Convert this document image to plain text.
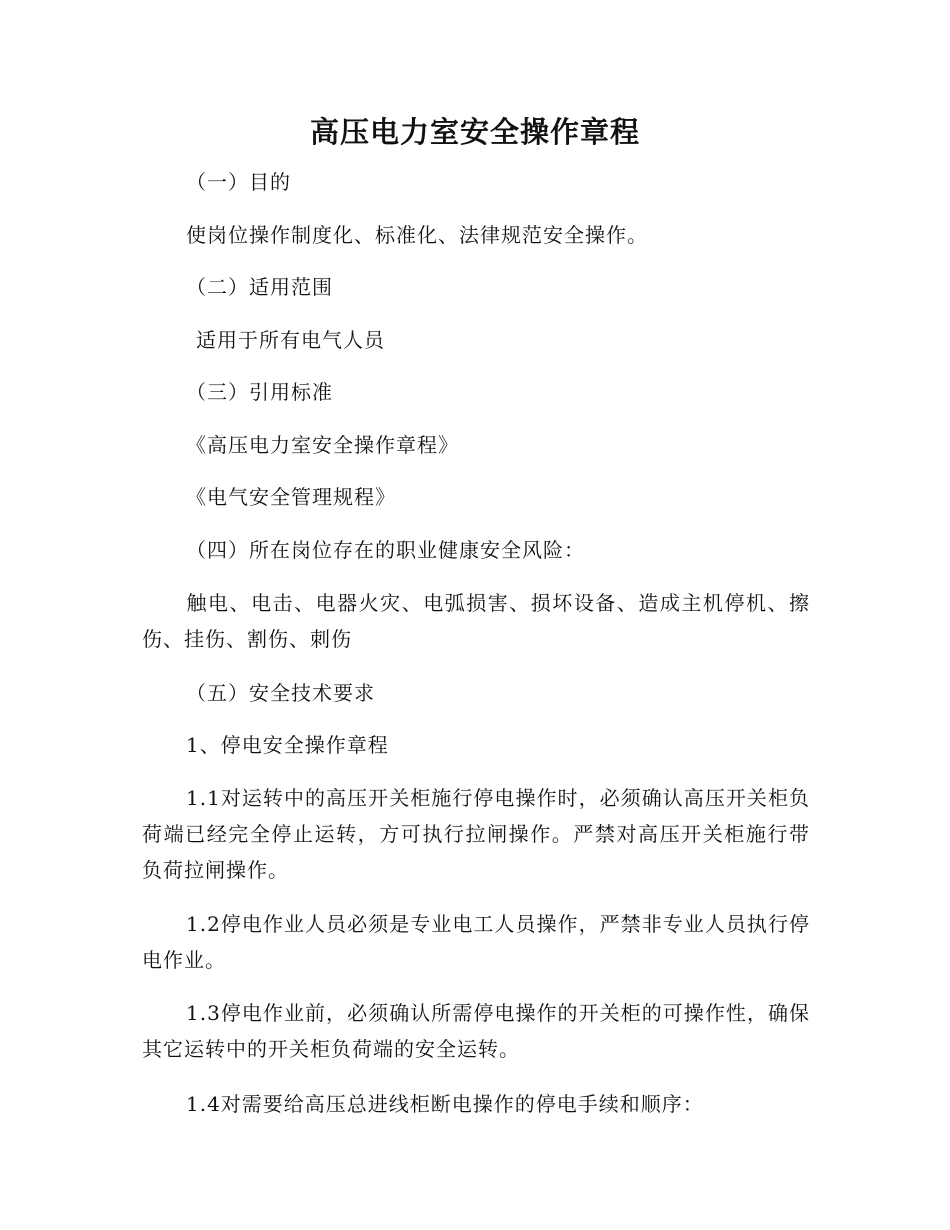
高压电力室安全操作章程
（一）目的
使岗位操作制度化、标准化、法律规范安全操作。
（二）适用范围
适用于所有电气人员
（三）引用标准
《高压电力室安全操作章程》
《电气安全管理规程》
（四）所在岗位存在的职业健康安全风险：
触电、电击、电器火灾、电弧损害、损坏设备、造成主机停机、擦伤、挂伤、割伤、刺伤
（五）安全技术要求
1、停电安全操作章程
1.1对运转中的高压开关柜施行停电操作时，必须确认高压开关柜负荷端已经完全停止运转，方可执行拉闸操作。严禁对高压开关柜施行带负荷拉闸操作。
1.2停电作业人员必须是专业电工人员操作，严禁非专业人员执行停电作业。
1.3停电作业前，必须确认所需停电操作的开关柜的可操作性，确保其它运转中的开关柜负荷端的安全运转。
1.4对需要给高压总进线柜断电操作的停电手续和顺序：
